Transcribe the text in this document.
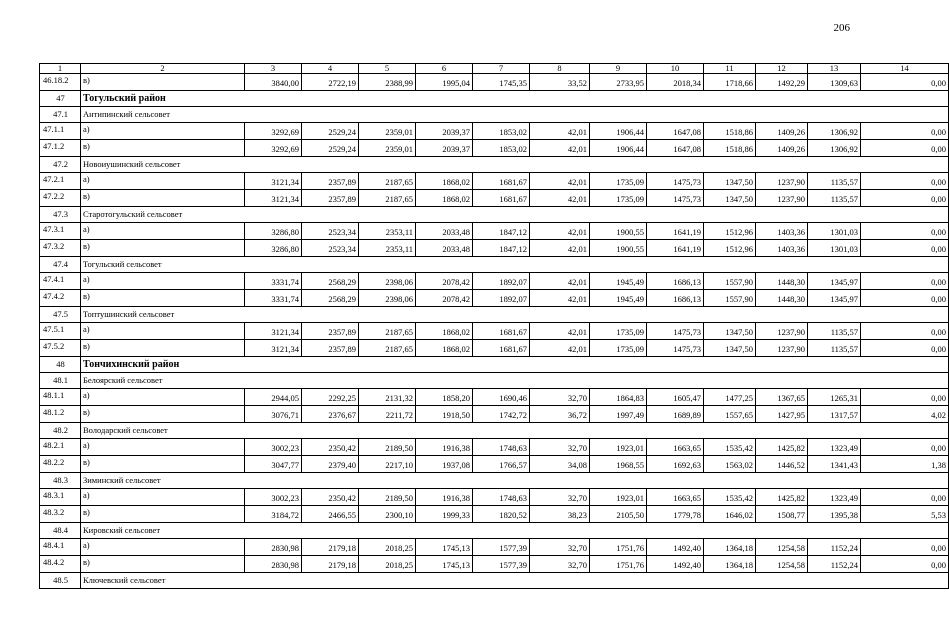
206
1	2	3	4	5	6	7	8	9	10	11	12	13	14
46.18.2	в)	3840,00	2722,19	2388,99	1995,04	1745,35	33,52	2733,95	2018,34	1718,66	1492,29	1309,63	0,00
47	Тогульский район												
47.1	Антипинский сельсовет												
47.1.1	а)	3292,69	2529,24	2359,01	2039,37	1853,02	42,01	1906,44	1647,08	1518,86	1409,26	1306,92	0,00
47.1.2	в)	3292,69	2529,24	2359,01	2039,37	1853,02	42,01	1906,44	1647,08	1518,86	1409,26	1306,92	0,00
47.2	Новоиушинский сельсовет												
47.2.1	а)	3121,34	2357,89	2187,65	1868,02	1681,67	42,01	1735,09	1475,73	1347,50	1237,90	1135,57	0,00
47.2.2	в)	3121,34	2357,89	2187,65	1868,02	1681,67	42,01	1735,09	1475,73	1347,50	1237,90	1135,57	0,00
47.3	Старотогульский сельсовет												
47.3.1	а)	3286,80	2523,34	2353,11	2033,48	1847,12	42,01	1900,55	1641,19	1512,96	1403,36	1301,03	0,00
47.3.2	в)	3286,80	2523,34	2353,11	2033,48	1847,12	42,01	1900,55	1641,19	1512,96	1403,36	1301,03	0,00
47.4	Тогульский сельсовет												
47.4.1	а)	3331,74	2568,29	2398,06	2078,42	1892,07	42,01	1945,49	1686,13	1557,90	1448,30	1345,97	0,00
47.4.2	в)	3331,74	2568,29	2398,06	2078,42	1892,07	42,01	1945,49	1686,13	1557,90	1448,30	1345,97	0,00
47.5	Топтушинский сельсовет												
47.5.1	а)	3121,34	2357,89	2187,65	1868,02	1681,67	42,01	1735,09	1475,73	1347,50	1237,90	1135,57	0,00
47.5.2	в)	3121,34	2357,89	2187,65	1868,02	1681,67	42,01	1735,09	1475,73	1347,50	1237,90	1135,57	0,00
48	Тончихинский район												
48.1	Белоярский сельсовет												
48.1.1	а)	2944,05	2292,25	2131,32	1858,20	1690,46	32,70	1864,83	1605,47	1477,25	1367,65	1265,31	0,00
48.1.2	в)	3076,71	2376,67	2211,72	1918,50	1742,72	36,72	1997,49	1689,89	1557,65	1427,95	1317,57	4,02
48.2	Володарский сельсовет												
48.2.1	а)	3002,23	2350,42	2189,50	1916,38	1748,63	32,70	1923,01	1663,65	1535,42	1425,82	1323,49	0,00
48.2.2	в)	3047,77	2379,40	2217,10	1937,08	1766,57	34,08	1968,55	1692,63	1563,02	1446,52	1341,43	1,38
48.3	Зиминский сельсовет												
48.3.1	а)	3002,23	2350,42	2189,50	1916,38	1748,63	32,70	1923,01	1663,65	1535,42	1425,82	1323,49	0,00
48.3.2	в)	3184,72	2466,55	2300,10	1999,33	1820,52	38,23	2105,50	1779,78	1646,02	1508,77	1395,38	5,53
48.4	Кировский сельсовет												
48.4.1	а)	2830,98	2179,18	2018,25	1745,13	1577,39	32,70	1751,76	1492,40	1364,18	1254,58	1152,24	0,00
48.4.2	в)	2830,98	2179,18	2018,25	1745,13	1577,39	32,70	1751,76	1492,40	1364,18	1254,58	1152,24	0,00
48.5	Ключевский сельсовет												
